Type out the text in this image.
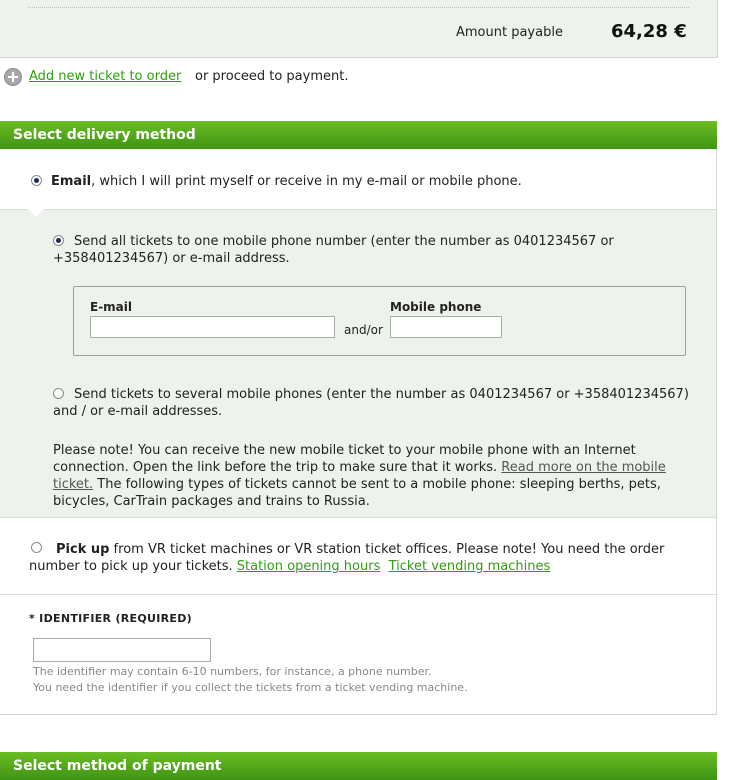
Amount payable	64,28 €
Add new ticket to order or proceed to payment.
Select delivery method
Email, which I will print myself or receive in my e-mail or mobile phone.
Send all tickets to one mobile phone number (enter the number as 0401234567 or +358401234567) or e-mail address.
E-mail
and/or
Mobile phone
Send tickets to several mobile phones (enter the number as 0401234567 or +358401234567) and / or e-mail addresses.
Please note! You can receive the new mobile ticket to your mobile phone with an Internet connection. Open the link before the trip to make sure that it works. Read more on the mobile ticket. The following types of tickets cannot be sent to a mobile phone: sleeping berths, pets, bicycles, CarTrain packages and trains to Russia.
Pick up from VR ticket machines or VR station ticket offices. Please note! You need the order number to pick up your tickets. Station opening hours Ticket vending machines
* IDENTIFIER (REQUIRED)
The identifier may contain 6-10 numbers, for instance, a phone number.
You need the identifier if you collect the tickets from a ticket vending machine.
Select method of payment
